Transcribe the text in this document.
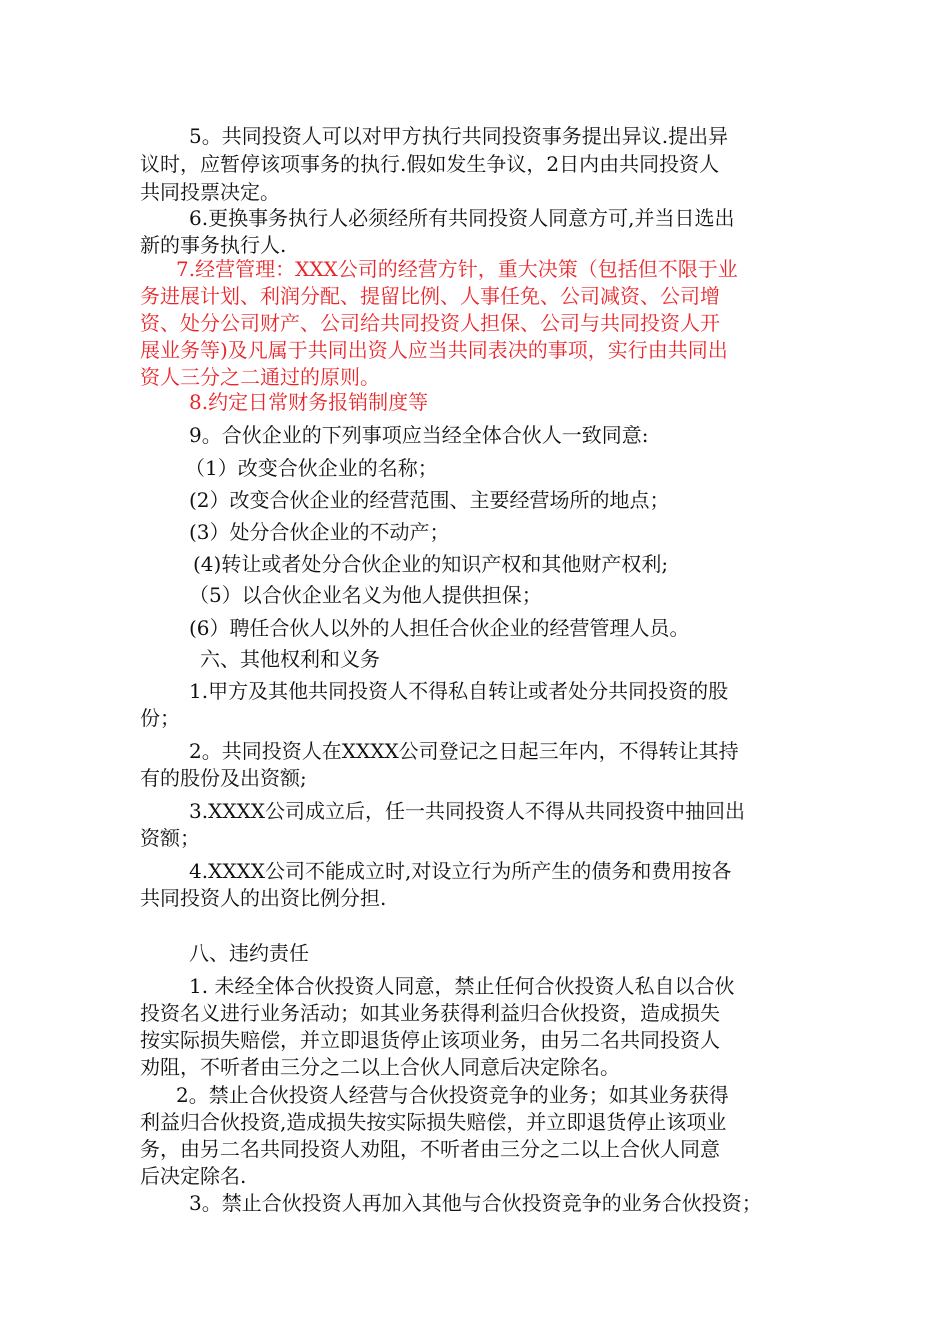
5。共同投资人可以对甲方执行共同投资事务提出异议.提出异
议时，应暂停该项事务的执行.假如发生争议，2日内由共同投资人
共同投票决定。
6.更换事务执行人必须经所有共同投资人同意方可,并当日选出
新的事务执行人.
7.经营管理：XXX公司的经营方针，重大决策（包括但不限于业
务进展计划、利润分配、提留比例、人事任免、公司减资、公司增
资、处分公司财产、公司给共同投资人担保、公司与共同投资人开
展业务等)及凡属于共同出资人应当共同表决的事项，实行由共同出
资人三分之二通过的原则。
8.约定日常财务报销制度等
9。合伙企业的下列事项应当经全体合伙人一致同意:
（1）改变合伙企业的名称；
(2）改变合伙企业的经营范围、主要经营场所的地点；
(3）处分合伙企业的不动产；
(4)转让或者处分合伙企业的知识产权和其他财产权利;
（5）以合伙企业名义为他人提供担保；
(6）聘任合伙人以外的人担任合伙企业的经营管理人员。
六、其他权利和义务
1.甲方及其他共同投资人不得私自转让或者处分共同投资的股
份；
2。共同投资人在XXXX公司登记之日起三年内，不得转让其持
有的股份及出资额;
3.XXXX公司成立后，任一共同投资人不得从共同投资中抽回出
资额；
4.XXXX公司不能成立时,对设立行为所产生的债务和费用按各
共同投资人的出资比例分担.
八、违约责任
1. 未经全体合伙投资人同意，禁止任何合伙投资人私自以合伙
投资名义进行业务活动；如其业务获得利益归合伙投资，造成损失
按实际损失赔偿，并立即退货停止该项业务，由另二名共同投资人
劝阻，不听者由三分之二以上合伙人同意后决定除名。
2。禁止合伙投资人经营与合伙投资竞争的业务；如其业务获得
利益归合伙投资,造成损失按实际损失赔偿，并立即退货停止该项业
务，由另二名共同投资人劝阻，不听者由三分之二以上合伙人同意
后决定除名.
3。禁止合伙投资人再加入其他与合伙投资竞争的业务合伙投资；
